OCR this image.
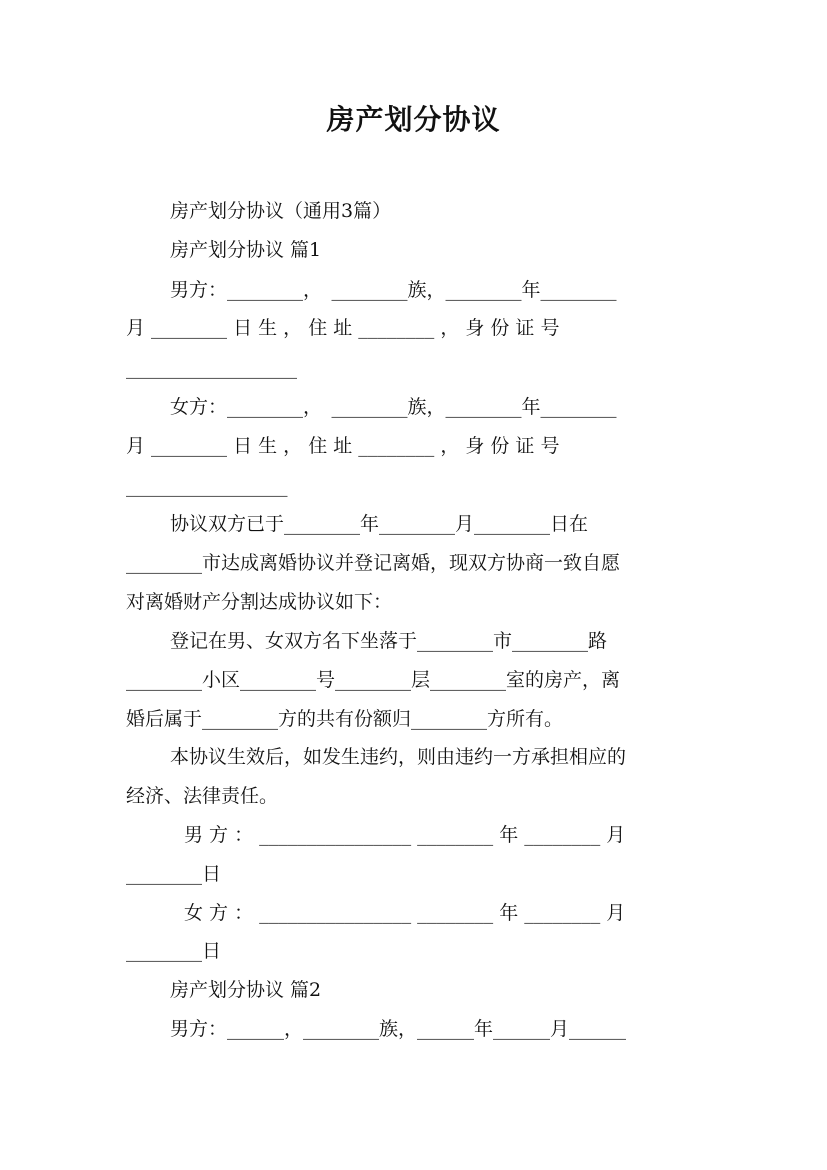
房产划分协议
房产划分协议（通用3篇）
房产划分协议 篇1
男方：________，　________族，________年________
月 ________ 日 生 ， 住 址 ________ ， 身 份 证 号
__________________
女方：________，　________族，________年________
月 ________ 日 生 ， 住 址 ________ ， 身 份 证 号
_________________
协议双方已于________年________月________日在
________市达成离婚协议并登记离婚，现双方协商一致自愿
对离婚财产分割达成协议如下：
登记在男、女双方名下坐落于________市________路
________小区________号________层________室的房产，离
婚后属于________方的共有份额归________方所有。
本协议生效后，如发生违约，则由违约一方承担相应的
经济、法律责任。
男 方 ： ________________ ________ 年 ________ 月
________日
女 方 ： ________________ ________ 年 ________ 月
________日
房产划分协议 篇2
男方：______，________族，______年______月______
